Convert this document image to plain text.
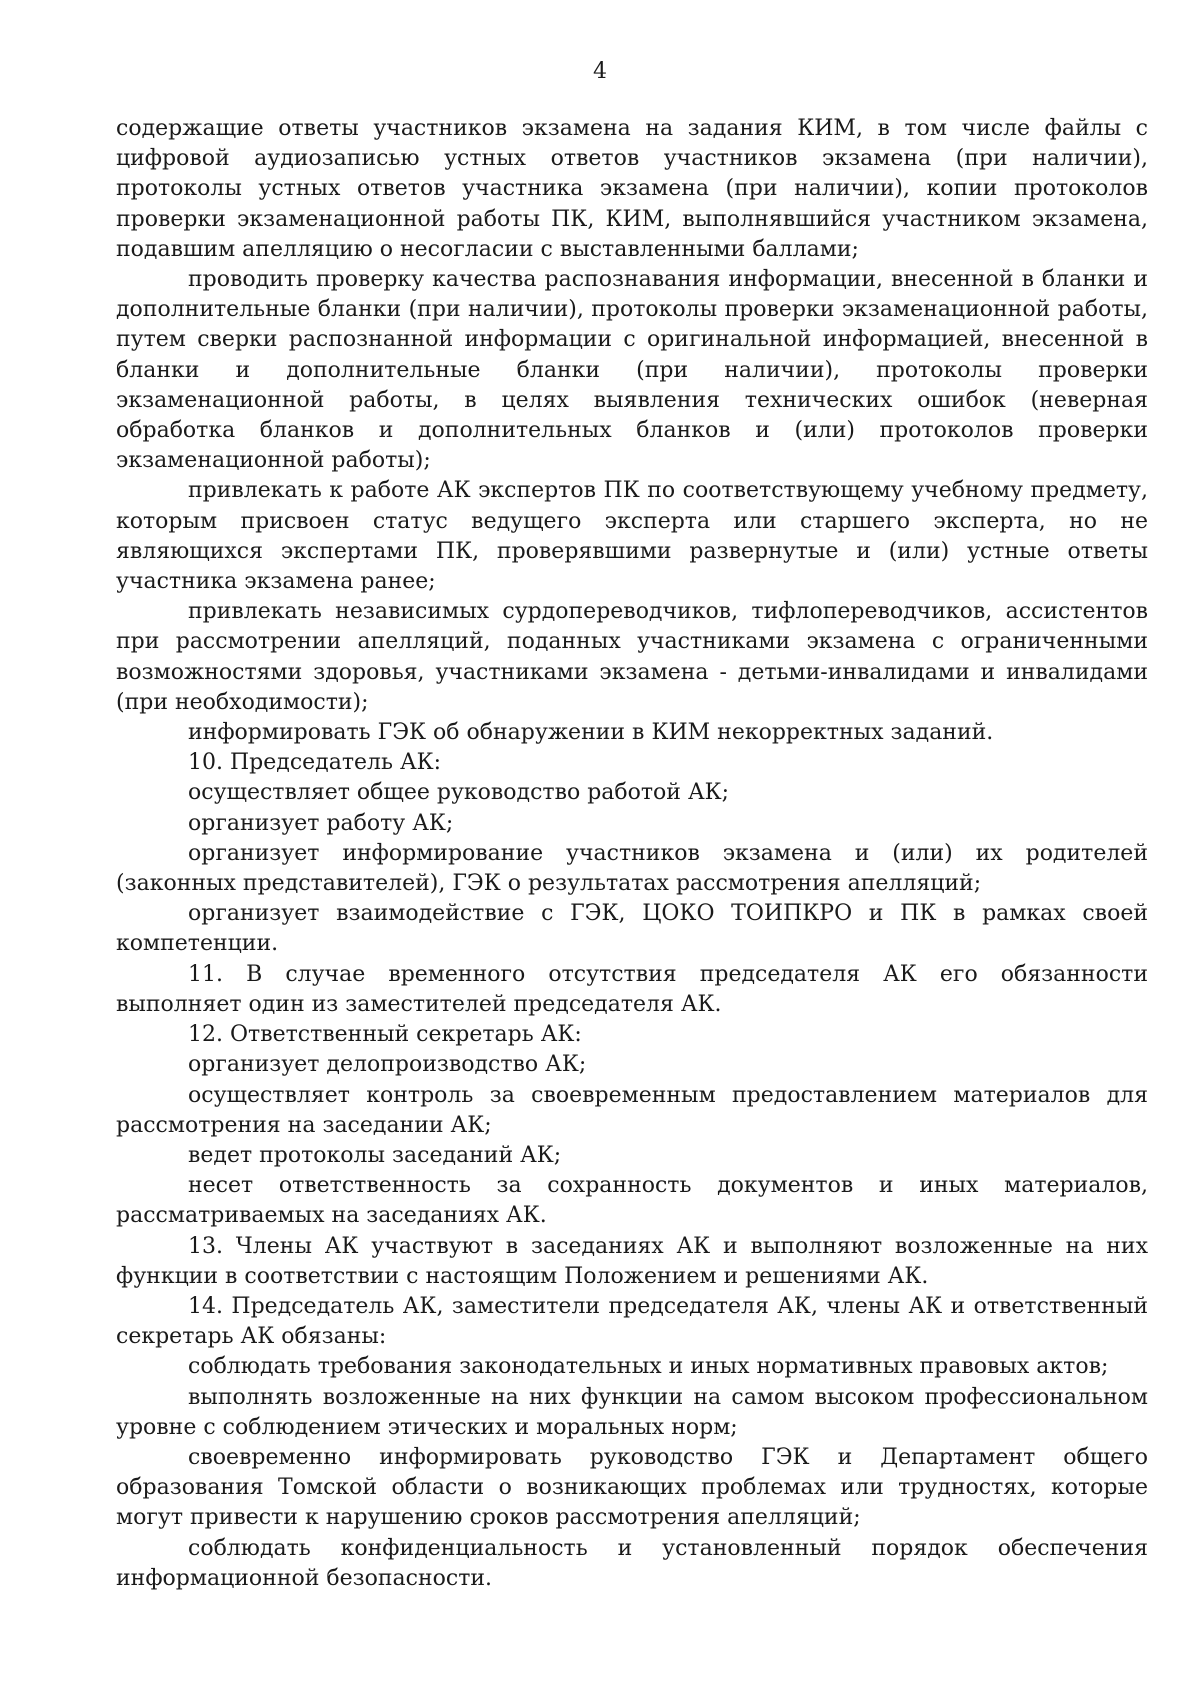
4

содержащие ответы участников экзамена на задания КИМ, в том числе файлы с цифровой аудиозаписью устных ответов участников экзамена (при наличии), протоколы устных ответов участника экзамена (при наличии), копии протоколов проверки экзаменационной работы ПК, КИМ, выполнявшийся участником экзамена, подавшим апелляцию о несогласии с выставленными баллами;

проводить проверку качества распознавания информации, внесенной в бланки и дополнительные бланки (при наличии), протоколы проверки экзаменационной работы, путем сверки распознанной информации с оригинальной информацией, внесенной в бланки и дополнительные бланки (при наличии), протоколы проверки экзаменационной работы, в целях выявления технических ошибок (неверная обработка бланков и дополнительных бланков и (или) протоколов проверки экзаменационной работы);

привлекать к работе АК экспертов ПК по соответствующему учебному предмету, которым присвоен статус ведущего эксперта или старшего эксперта, но не являющихся экспертами ПК, проверявшими развернутые и (или) устные ответы участника экзамена ранее;

привлекать независимых сурдопереводчиков, тифлопереводчиков, ассистентов при рассмотрении апелляций, поданных участниками экзамена с ограниченными возможностями здоровья, участниками экзамена - детьми-инвалидами и инвалидами (при необходимости);

информировать ГЭК об обнаружении в КИМ некорректных заданий.

10. Председатель АК:

осуществляет общее руководство работой АК;

организует работу АК;

организует информирование участников экзамена и (или) их родителей (законных представителей), ГЭК о результатах рассмотрения апелляций;

организует взаимодействие с ГЭК, ЦОКО ТОИПКРО и ПК в рамках своей компетенции.

11. В случае временного отсутствия председателя АК его обязанности выполняет один из заместителей председателя АК.

12. Ответственный секретарь АК:

организует делопроизводство АК;

осуществляет контроль за своевременным предоставлением материалов для рассмотрения на заседании АК;

ведет протоколы заседаний АК;

несет ответственность за сохранность документов и иных материалов, рассматриваемых на заседаниях АК.

13. Члены АК участвуют в заседаниях АК и выполняют возложенные на них функции в соответствии с настоящим Положением и решениями АК.

14. Председатель АК, заместители председателя АК, члены АК и ответственный секретарь АК обязаны:

соблюдать требования законодательных и иных нормативных правовых актов;

выполнять возложенные на них функции на самом высоком профессиональном уровне с соблюдением этических и моральных норм;

своевременно информировать руководство ГЭК и Департамент общего образования Томской области о возникающих проблемах или трудностях, которые могут привести к нарушению сроков рассмотрения апелляций;

соблюдать конфиденциальность и установленный порядок обеспечения информационной безопасности.
